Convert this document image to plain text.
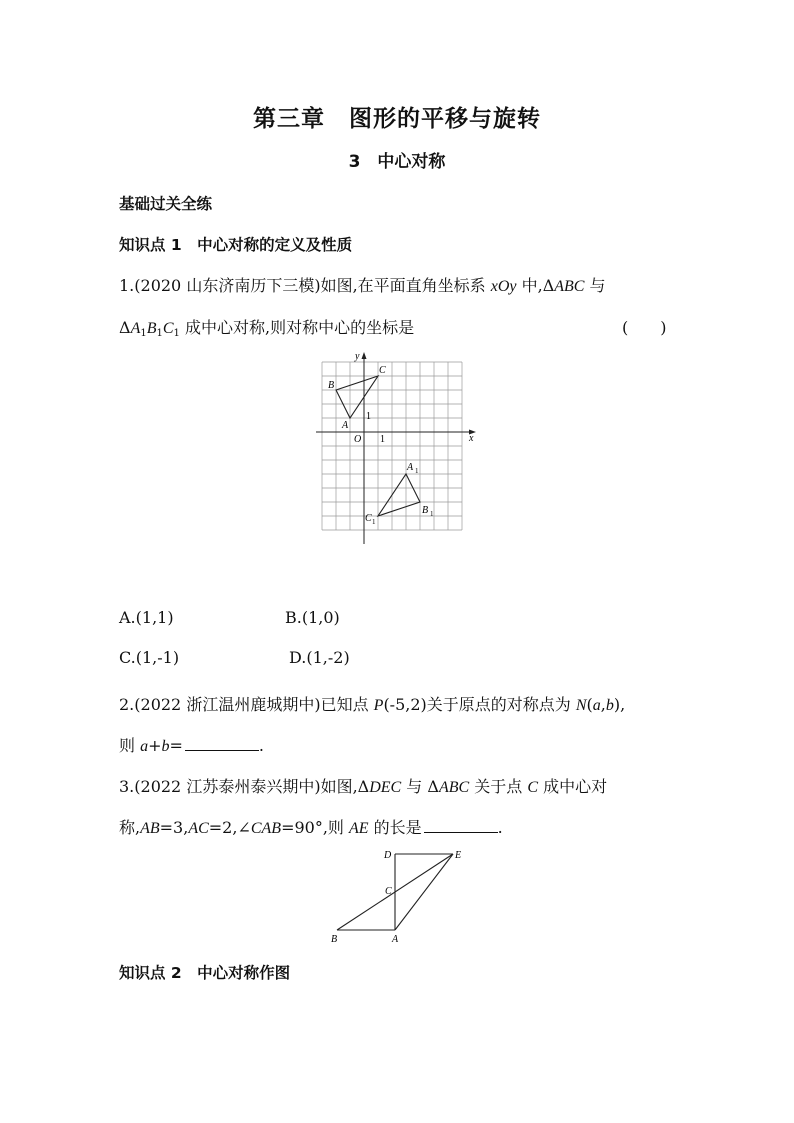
第三章　图形的平移与旋转
3　中心对称
基础过关全练
知识点 1　中心对称的定义及性质
1.(2020 山东济南历下三模)如图,在平面直角坐标系 xOy 中,ΔABC 与
$\Delta A_1B_1C_1$ 成中心对称,则对称中心的坐标是	(　　)
y
x
O 1
1
B
C
A
A 1
B 1
C 1
A.(1,1)	B.(1,0)
C.(1,-1)	D.(1,-2)
2.(2022 浙江温州鹿城期中)已知点 P(-5,2)关于原点的对称点为 N(a,b),
则 a+b=	.
3.(2022 江苏泰州泰兴期中)如图,ΔDEC 与 ΔABC 关于点 C 成中心对
称,AB=3,AC=2,∠CAB=90°,则 AE 的长是	.
D	E
C
B	A
知识点 2　中心对称作图
